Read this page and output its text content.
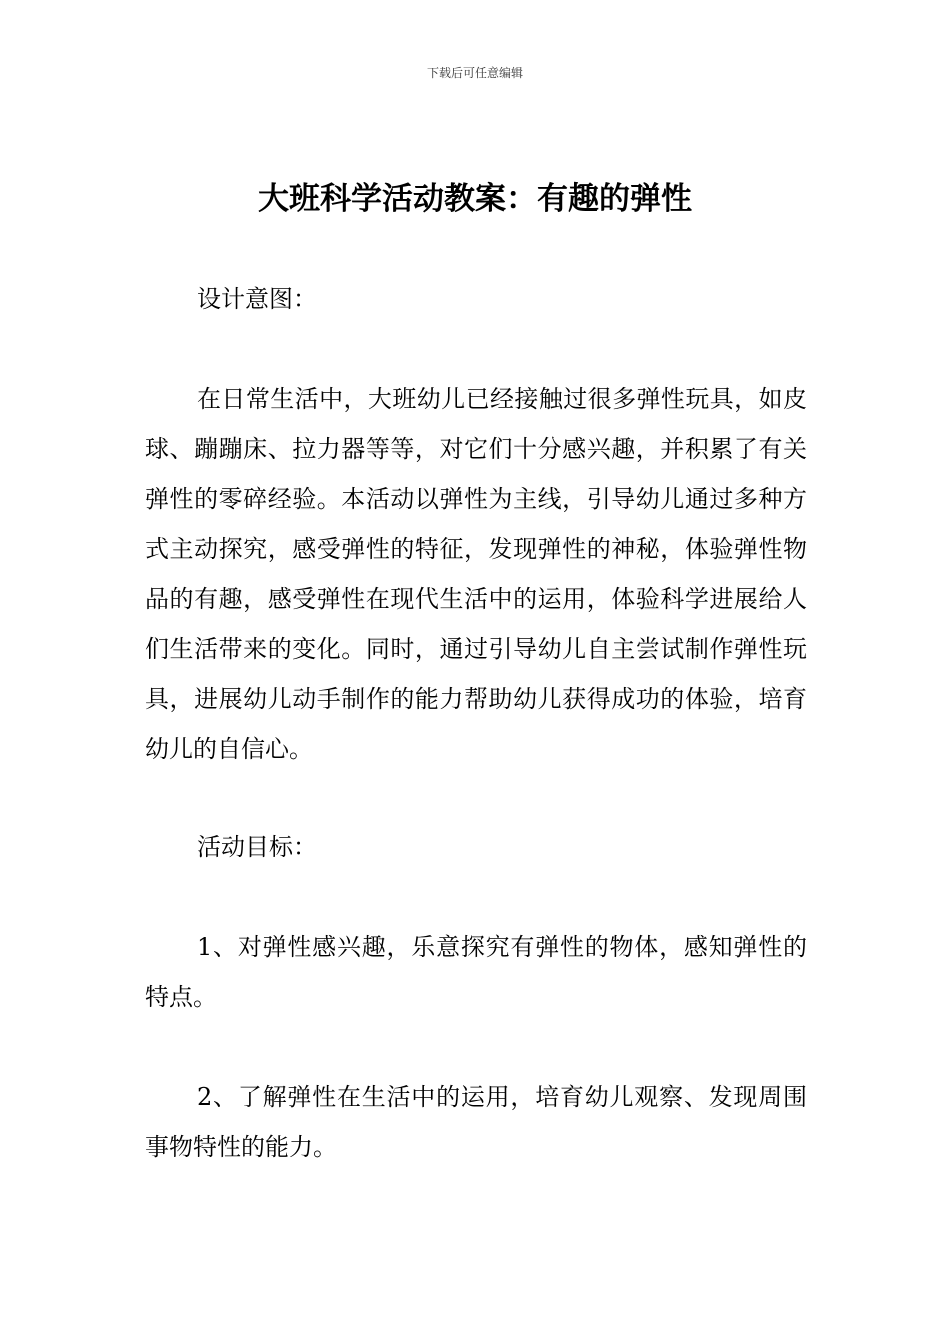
下载后可任意编辑
大班科学活动教案：有趣的弹性

设计意图：

在日常生活中，大班幼儿已经接触过很多弹性玩具，如皮球、蹦蹦床、拉力器等等，对它们十分感兴趣，并积累了有关弹性的零碎经验。本活动以弹性为主线，引导幼儿通过多种方式主动探究，感受弹性的特征，发现弹性的神秘，体验弹性物品的有趣，感受弹性在现代生活中的运用，体验科学进展给人们生活带来的变化。同时，通过引导幼儿自主尝试制作弹性玩具，进展幼儿动手制作的能力帮助幼儿获得成功的体验，培育幼儿的自信心。

活动目标：

1、对弹性感兴趣，乐意探究有弹性的物体，感知弹性的特点。

2、了解弹性在生活中的运用，培育幼儿观察、发现周围事物特性的能力。
